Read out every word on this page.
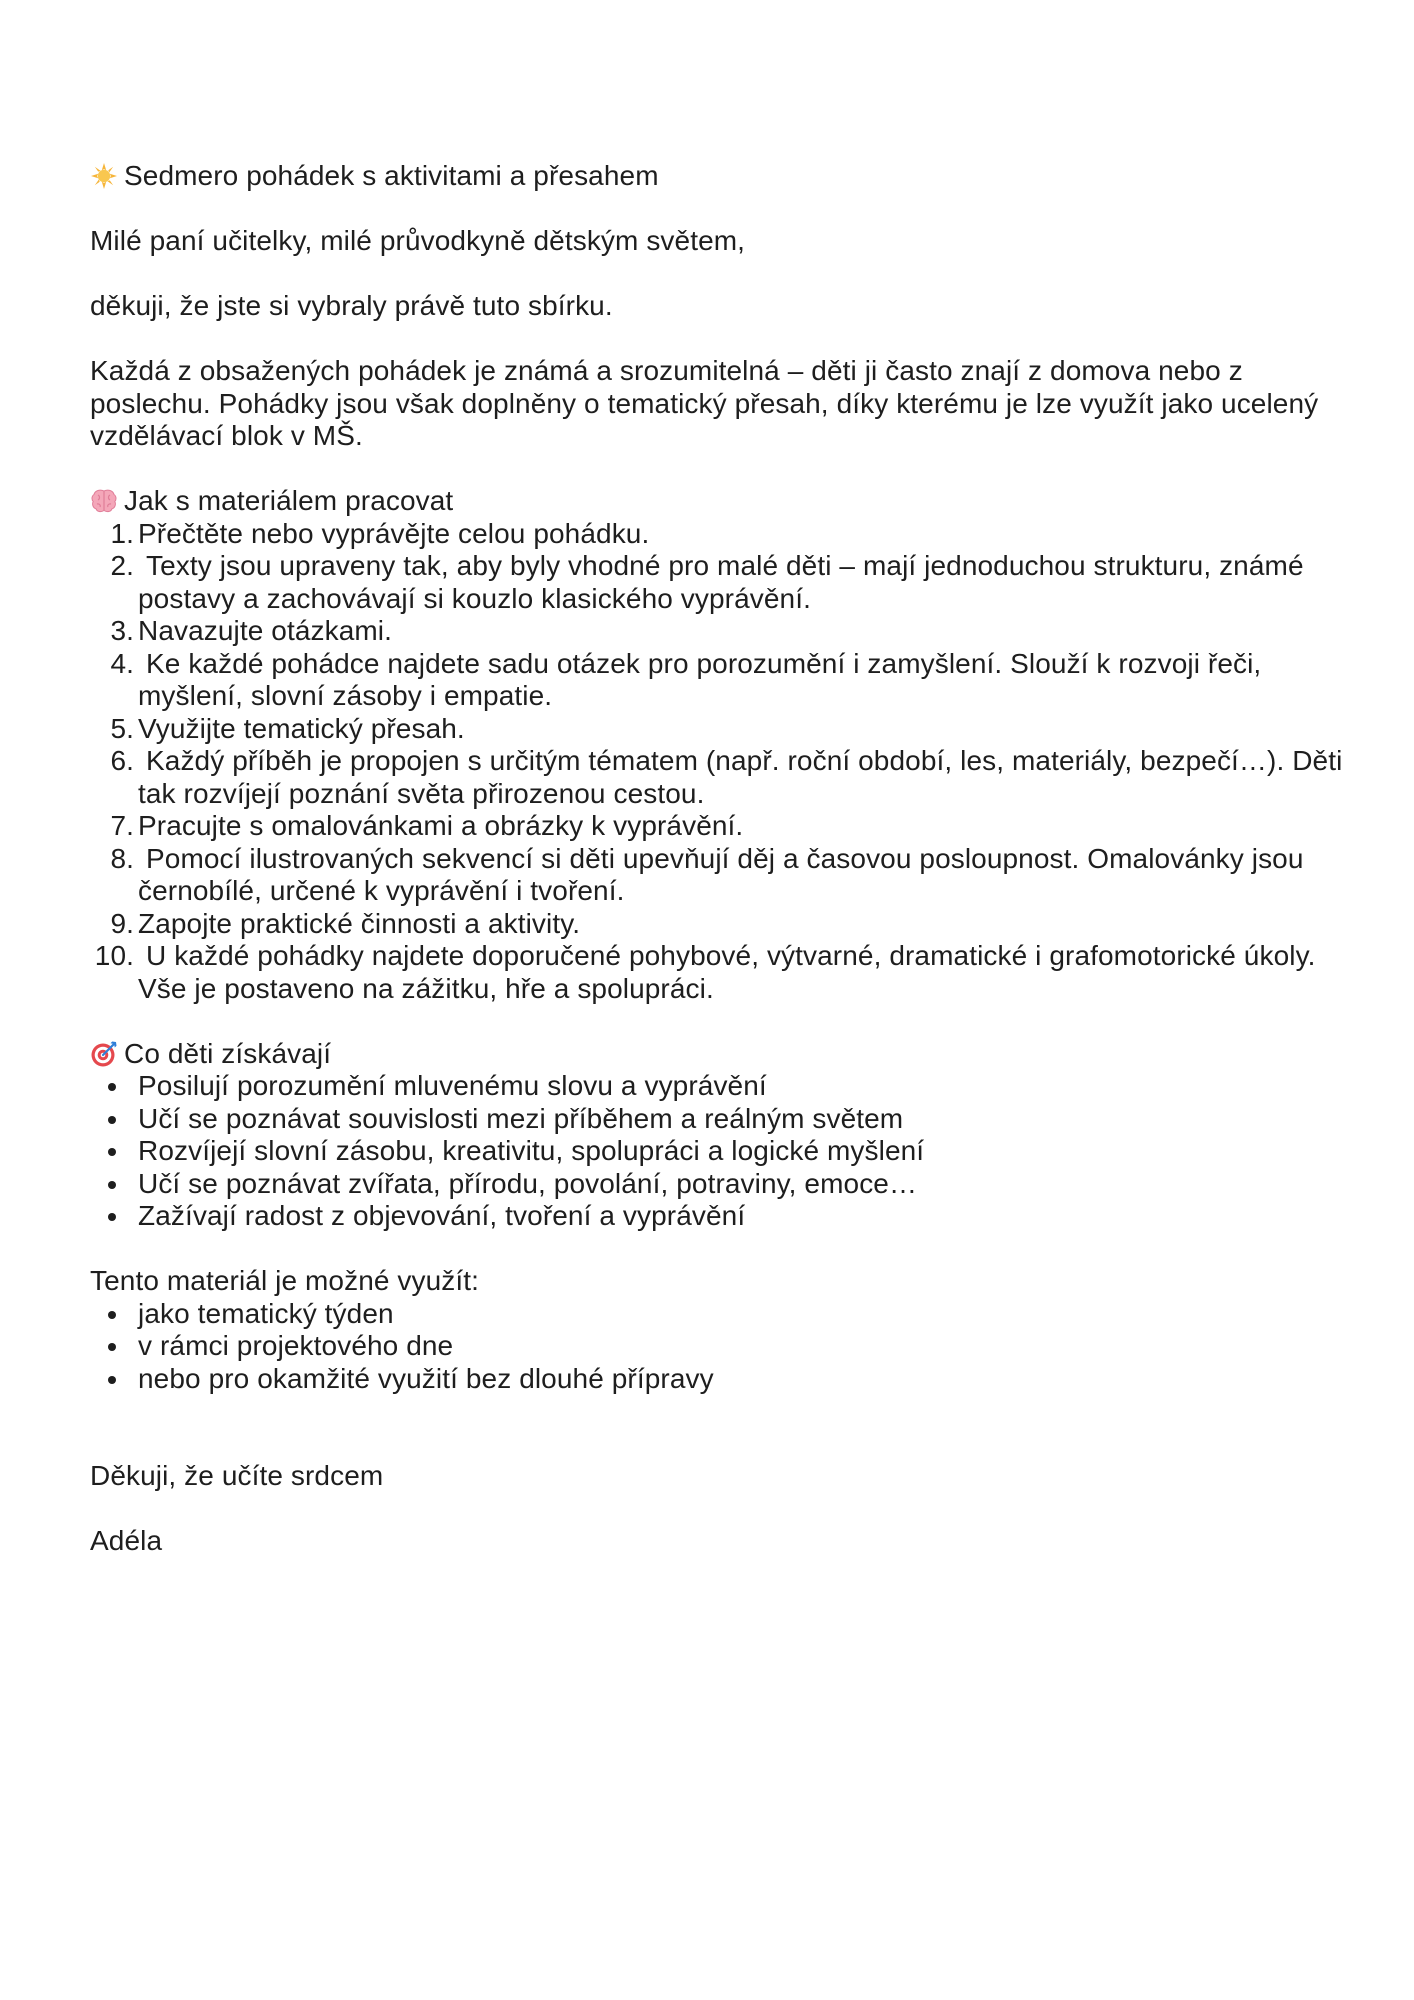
Sedmero pohádek s aktivitami a přesahem

Milé paní učitelky, milé průvodkyně dětským světem,

děkuji, že jste si vybraly právě tuto sbírku.

Každá z obsažených pohádek je známá a srozumitelná – děti ji často znají z domova nebo z poslechu. Pohádky jsou však doplněny o tematický přesah, díky kterému je lze využít jako ucelený vzdělávací blok v MŠ.

Jak s materiálem pracovat
1. Přečtěte nebo vyprávějte celou pohádku.
2. Texty jsou upraveny tak, aby byly vhodné pro malé děti – mají jednoduchou strukturu, známé postavy a zachovávají si kouzlo klasického vyprávění.
3. Navazujte otázkami.
4. Ke každé pohádce najdete sadu otázek pro porozumění i zamyšlení. Slouží k rozvoji řeči, myšlení, slovní zásoby i empatie.
5. Využijte tematický přesah.
6. Každý příběh je propojen s určitým tématem (např. roční období, les, materiály, bezpečí…). Děti tak rozvíjejí poznání světa přirozenou cestou.
7. Pracujte s omalovánkami a obrázky k vyprávění.
8. Pomocí ilustrovaných sekvencí si děti upevňují děj a časovou posloupnost. Omalovánky jsou černobílé, určené k vyprávění i tvoření.
9. Zapojte praktické činnosti a aktivity.
10. U každé pohádky najdete doporučené pohybové, výtvarné, dramatické i grafomotorické úkoly. Vše je postaveno na zážitku, hře a spolupráci.
Co děti získávají
Posilují porozumění mluvenému slovu a vyprávění
Učí se poznávat souvislosti mezi příběhem a reálným světem
Rozvíjejí slovní zásobu, kreativitu, spolupráci a logické myšlení
Učí se poznávat zvířata, přírodu, povolání, potraviny, emoce…
Zažívají radost z objevování, tvoření a vyprávění

Tento materiál je možné využít:

jako tematický týden
v rámci projektového dne
nebo pro okamžité využití bez dlouhé přípravy

Děkuji, že učíte srdcem

Adéla
